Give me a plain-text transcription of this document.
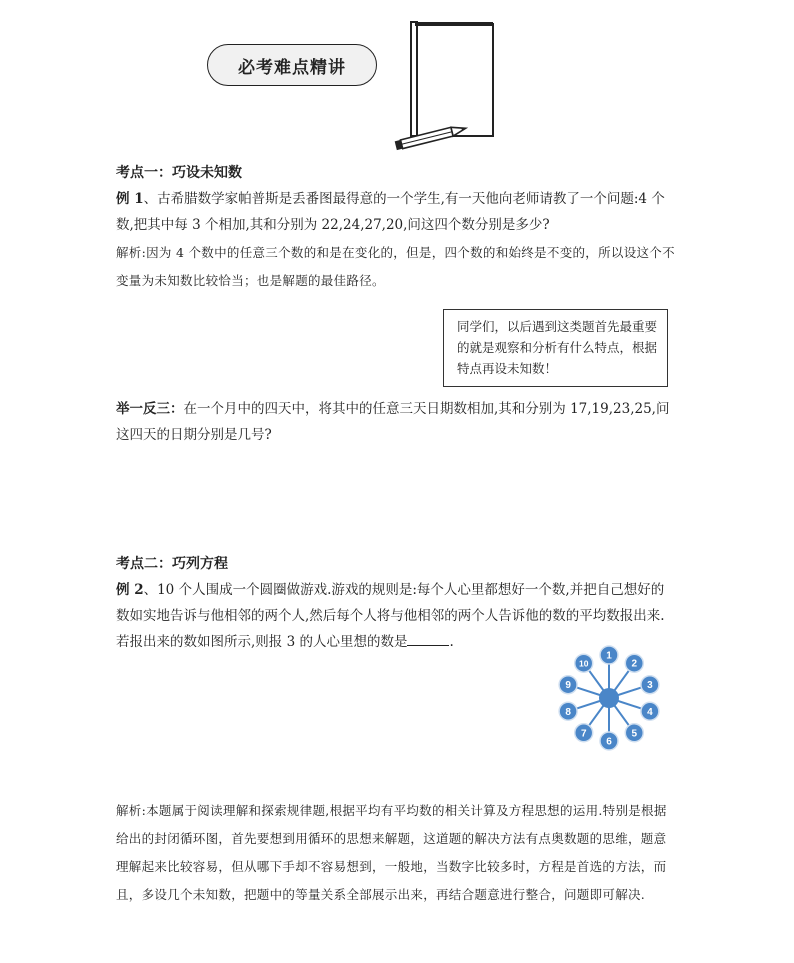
必考难点精讲
考点一：巧设未知数
例 1、古希腊数学家帕普斯是丢番图最得意的一个学生,有一天他向老师请教了一个问题:4 个数,把其中每 3 个相加,其和分别为 22,24,27,20,问这四个数分别是多少?
解析:因为 4 个数中的任意三个数的和是在变化的，但是，四个数的和始终是不变的，所以设这个不变量为未知数比较恰当；也是解题的最佳路径。
同学们，以后遇到这类题首先最重要的就是观察和分析有什么特点，根据特点再设未知数！
举一反三：在一个月中的四天中，将其中的任意三天日期数相加,其和分别为 17,19,23,25,问这四天的日期分别是几号?
考点二：巧列方程
例 2、10 个人围成一个圆圈做游戏.游戏的规则是:每个人心里都想好一个数,并把自己想好的数如实地告诉与他相邻的两个人,然后每个人将与他相邻的两个人告诉他的数的平均数报出来.若报出来的数如图所示,则报 3 的人心里想的数是	.
1
2
3
4
5
6
7
8
9
10
解析:本题属于阅读理解和探索规律题,根据平均有平均数的相关计算及方程思想的运用.特别是根据给出的封闭循环图，首先要想到用循环的思想来解题，这道题的解决方法有点奥数题的思维，题意理解起来比较容易，但从哪下手却不容易想到，一般地，当数字比较多时，方程是首选的方法，而且，多设几个未知数，把题中的等量关系全部展示出来，再结合题意进行整合，问题即可解决.
